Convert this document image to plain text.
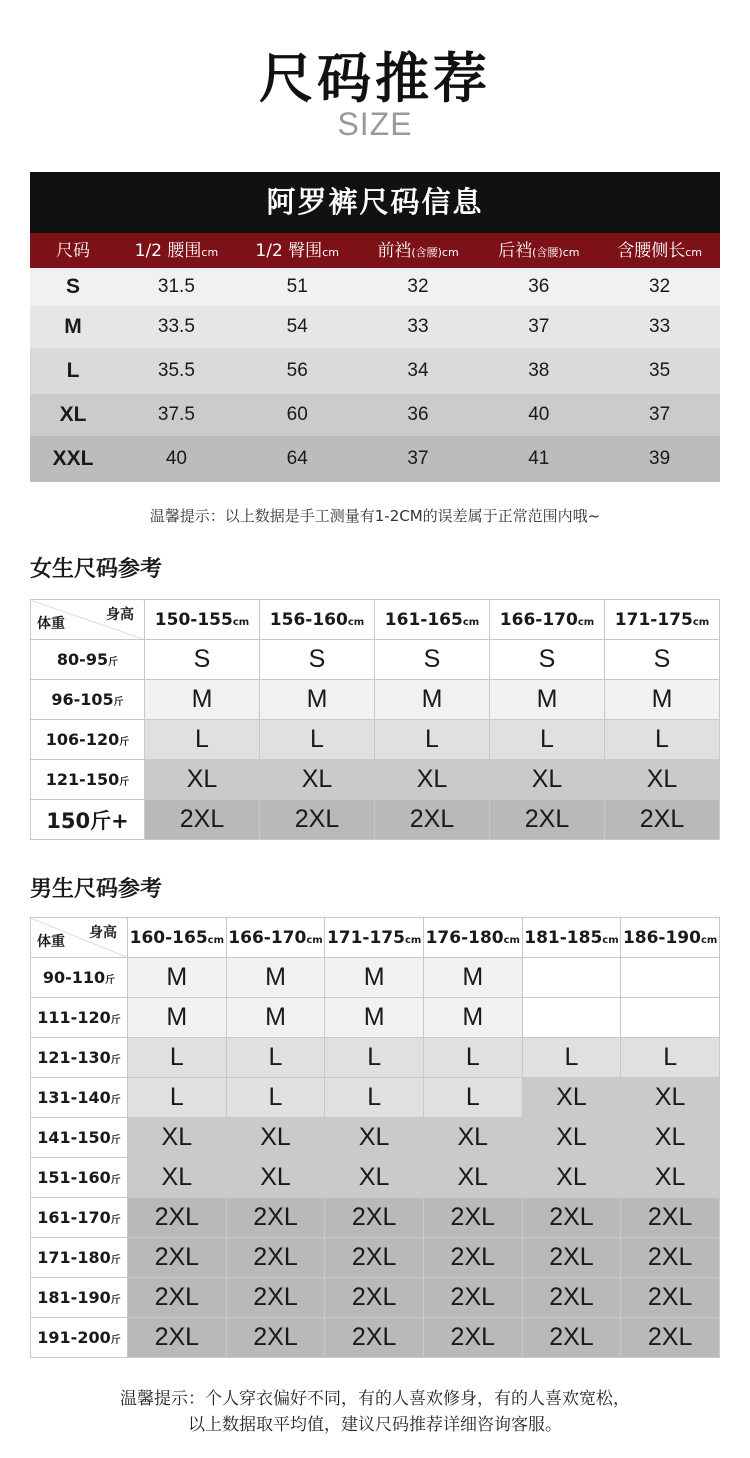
尺码推荐
SIZE
阿罗裤尺码信息
尺码	1/2 腰围cm	1/2 臀围cm	前裆(含腰)cm	后裆(含腰)cm	含腰侧长cm
S	31.5	51	32	36	32
M	33.5	54	33	37	33
L	35.5	56	34	38	35
XL	37.5	60	36	40	37
XXL	40	64	37	41	39
温馨提示：以上数据是手工测量有1-2CM的误差属于正常范围内哦~
女生尺码参考
身高
体重	150-155cm	156-160cm	161-165cm	166-170cm	171-175cm
80-95斤	S	S	S	S	S
96-105斤	M	M	M	M	M
106-120斤	L	L	L	L	L
121-150斤	XL	XL	XL	XL	XL
150斤+	2XL	2XL	2XL	2XL	2XL
男生尺码参考
身高
体重	160-165cm	166-170cm	171-175cm	176-180cm	181-185cm	186-190cm
90-110斤	M	M	M	M		
111-120斤	M	M	M	M		
121-130斤	L	L	L	L	L	L
131-140斤	L	L	L	L	XL	XL
141-150斤	XL	XL	XL	XL	XL	XL
151-160斤	XL	XL	XL	XL	XL	XL
161-170斤	2XL	2XL	2XL	2XL	2XL	2XL
171-180斤	2XL	2XL	2XL	2XL	2XL	2XL
181-190斤	2XL	2XL	2XL	2XL	2XL	2XL
191-200斤	2XL	2XL	2XL	2XL	2XL	2XL
温馨提示：个人穿衣偏好不同，有的人喜欢修身，有的人喜欢宽松，
以上数据取平均值，建议尺码推荐详细咨询客服。
